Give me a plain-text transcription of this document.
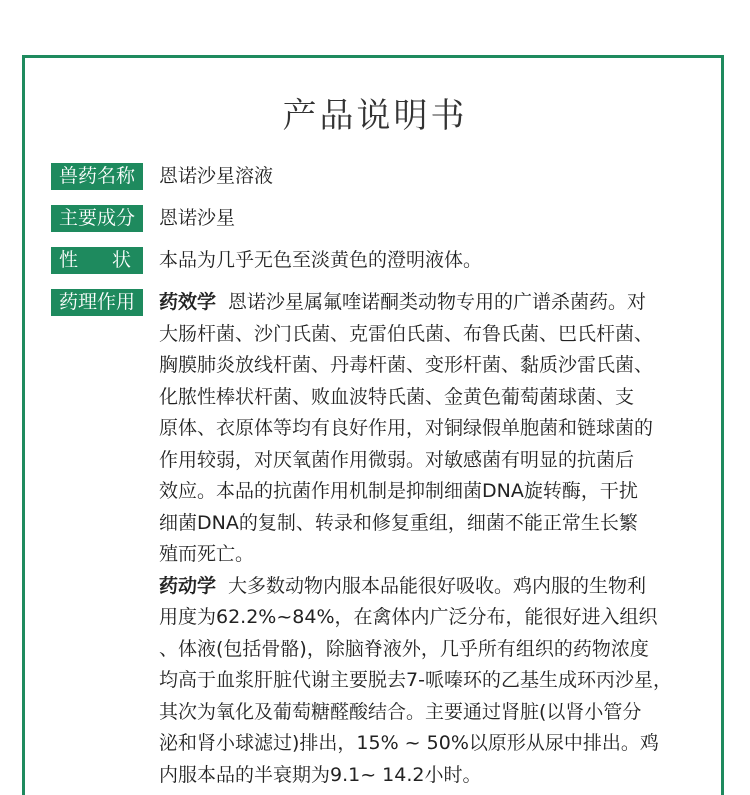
产品说明书
兽药名称	恩诺沙星溶液
主要成分	恩诺沙星
性 状 本品为几乎无色至淡黄色的澄明液体。
药理作用	药效学 恩诺沙星属氟喹诺酮类动物专用的广谱杀菌药。对
大肠杆菌、沙门氏菌、克雷伯氏菌、布鲁氏菌、巴氏杆菌、
胸膜肺炎放线杆菌、丹毒杆菌、变形杆菌、黏质沙雷氏菌、
化脓性棒状杆菌、败血波特氏菌、金黄色葡萄菌球菌、支
原体、衣原体等均有良好作用，对铜绿假单胞菌和链球菌的
作用较弱，对厌氧菌作用微弱。对敏感菌有明显的抗菌后
效应。本品的抗菌作用机制是抑制细菌DNA旋转酶，干扰
细菌DNA的复制、转录和修复重组，细菌不能正常生长繁
殖而死亡。
药动学 大多数动物内服本品能很好吸收。鸡内服的生物利
用度为62.2%~84%，在禽体内广泛分布，能很好进入组织
、体液(包括骨骼)，除脑脊液外，几乎所有组织的药物浓度
均高于血浆肝脏代谢主要脱去7-哌嗪环的乙基生成环丙沙星，
其次为氧化及葡萄糖醛酸结合。主要通过肾脏(以肾小管分
泌和肾小球滤过)排出，15% ~ 50%以原形从尿中排出。鸡
内服本品的半衰期为9.1~ 14.2小时。
